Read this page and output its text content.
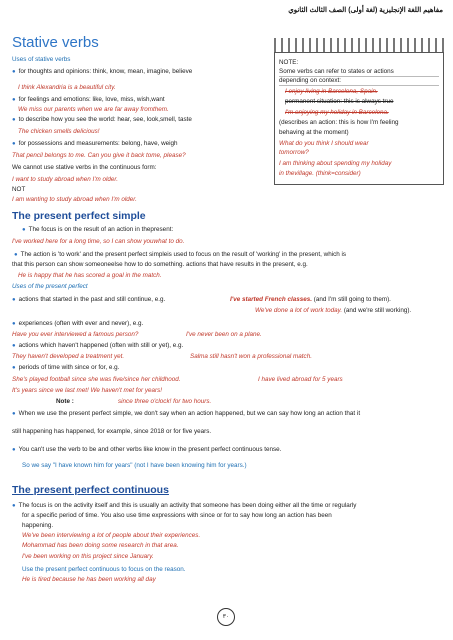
مفاهيم اللغة الإنجليزية (لغة أولى) الصف الثالث الثانوي
Stative verbs
Uses of stative verbs
● for thoughts and opinions: think, know, mean, imagine, believe
I think Alexandria is a beautiful city.
● for feelings and emotions: like, love, miss, wish,want
We miss our parents when we are far away fromthem.
● to describe how you see the world: hear, see, look,smell, taste
The chicken smells delicious!
● for possessions and measurements: belong, have, weigh
That pencil belongs to me. Can you give it back tome, please?
We cannot use stative verbs in the continuous form:
I want to study abroad when I'm older.
NOT
I am wanting to study abroad when I'm older.
NOTE:
Some verbs can refer to states or actions
depending on context:
I enjoy living in Barcelona, Spain.
permanent situation: this is always true
I'm enjoying my holiday in Barcelona.
(describes an action: this is how I'm feeling
behaving at the moment)
What do you think I should wear
tomorrow?
I am thinking about spending my holiday
in thevillage. (think=consider)
The present perfect simple
● The focus is on the result of an action in thepresent:
I've worked here for a long time, so I can show youwhat to do.
● The action is 'to work' and the present perfect simpleis used to focus on the result of 'working' in the present, which is
that this person can show someoneelse how to do something. actions that have results in the present, e.g.
He is happy that he has scored a goal in the match.
Uses of the present perfect
● actions that started in the past and still continue, e.g.	I've started French classes. (and I'm still going to them).
We've done a lot of work today. (and we're still working).
● experiences (often with ever and never), e.g.
Have you ever interviewed a famous person?	I've never been on a plane.
● actions which haven't happened (often with still or yet), e.g.
They haven't developed a treatment yet.	Salma still hasn't won a professional match.
● periods of time with since or for, e.g.
She's played football since she was five/since her childhood.	I have lived abroad for 5 years
It's years since we last met! We haven't met for years!
Note :	since three o'clock! for two hours.
● When we use the present perfect simple, we don't say when an action happened, but we can say how long an action that it
still happening has happened, for example, since 2018 or for five years.
● You can't use the verb to be and other verbs like know in the present perfect continuous tense.
So we say "I have known him for years" (not I have been knowing him for years.)
The present perfect continuous
● The focus is on the activity itself and this is usually an activity that someone has been doing either all the time or regularly
for a specific period of time. You also use time expressions with since or for to say how long an action has been
happening.
We've been interviewing a lot of people about their experiences.
Mohammad has been doing some research in that area.
I've been working on this project since January.
Use the present perfect continuous to focus on the reason.
He is tired because he has been working all day
٣٠
